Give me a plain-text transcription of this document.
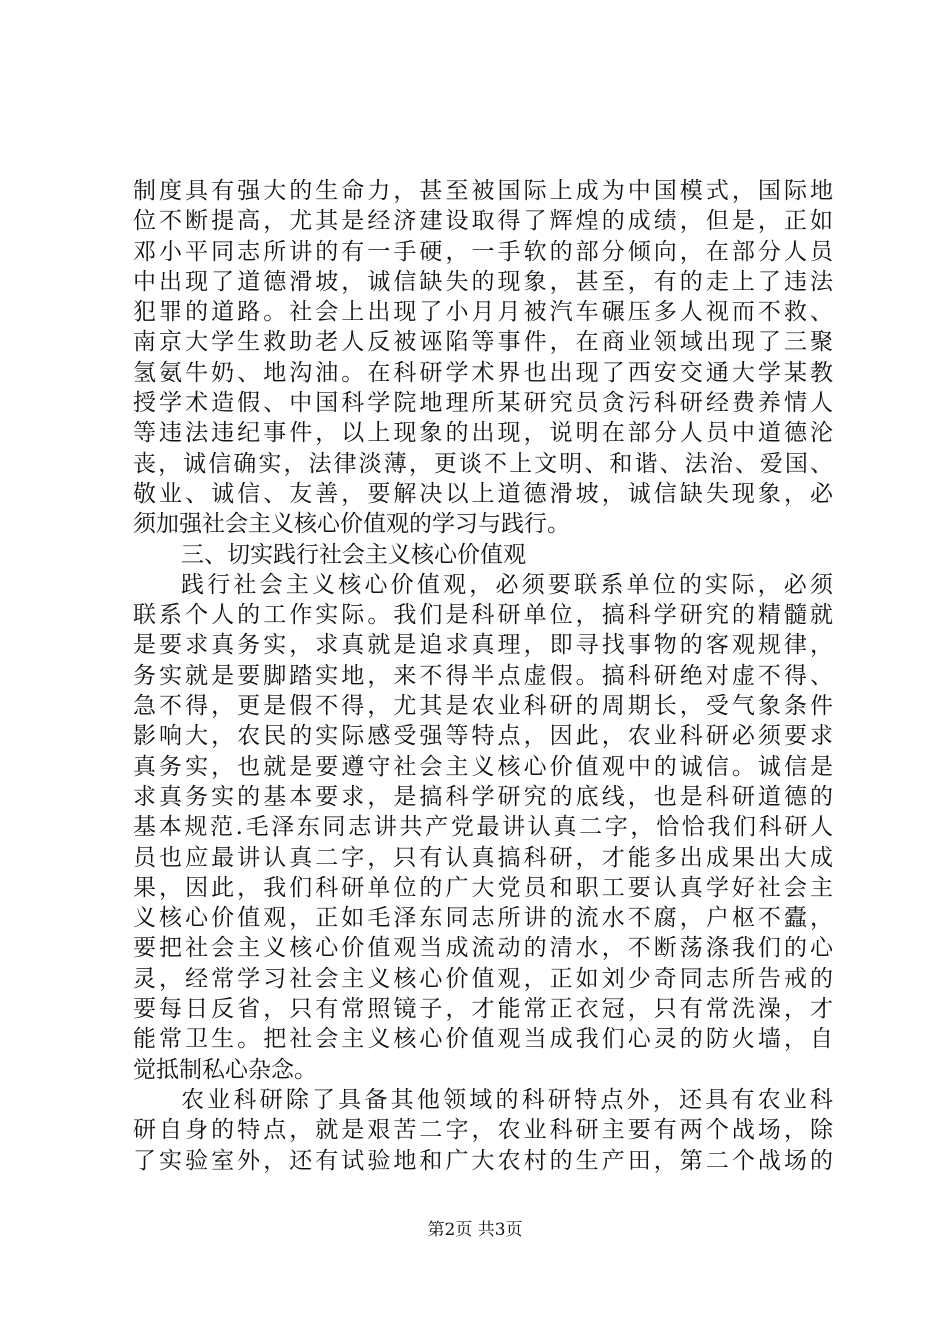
制度具有强大的生命力，甚至被国际上成为中国模式，国际地
位不断提高，尤其是经济建设取得了辉煌的成绩，但是，正如
邓小平同志所讲的有一手硬，一手软的部分倾向，在部分人员
中出现了道德滑坡，诚信缺失的现象，甚至，有的走上了违法
犯罪的道路。社会上出现了小月月被汽车碾压多人视而不救、
南京大学生救助老人反被诬陷等事件，在商业领域出现了三聚
氢氨牛奶、地沟油。在科研学术界也出现了西安交通大学某教
授学术造假、中国科学院地理所某研究员贪污科研经费养情人
等违法违纪事件，以上现象的出现，说明在部分人员中道德沦
丧，诚信确实，法律淡薄，更谈不上文明、和谐、法治、爱国、
敬业、诚信、友善，要解决以上道德滑坡，诚信缺失现象，必
须加强社会主义核心价值观的学习与践行。
三、切实践行社会主义核心价值观
践行社会主义核心价值观，必须要联系单位的实际，必须
联系个人的工作实际。我们是科研单位，搞科学研究的精髓就
是要求真务实，求真就是追求真理，即寻找事物的客观规律，
务实就是要脚踏实地，来不得半点虚假。搞科研绝对虚不得、
急不得，更是假不得，尤其是农业科研的周期长，受气象条件
影响大，农民的实际感受强等特点，因此，农业科研必须要求
真务实，也就是要遵守社会主义核心价值观中的诚信。诚信是
求真务实的基本要求，是搞科学研究的底线，也是科研道德的
基本规范.毛泽东同志讲共产党最讲认真二字，恰恰我们科研人
员也应最讲认真二字，只有认真搞科研，才能多出成果出大成
果，因此，我们科研单位的广大党员和职工要认真学好社会主
义核心价值观，正如毛泽东同志所讲的流水不腐，户枢不蠹，
要把社会主义核心价值观当成流动的清水，不断荡涤我们的心
灵，经常学习社会主义核心价值观，正如刘少奇同志所告戒的
要每日反省，只有常照镜子，才能常正衣冠，只有常洗澡，才
能常卫生。把社会主义核心价值观当成我们心灵的防火墙，自
觉抵制私心杂念。
农业科研除了具备其他领域的科研特点外，还具有农业科
研自身的特点，就是艰苦二字，农业科研主要有两个战场，除
了实验室外，还有试验地和广大农村的生产田，第二个战场的
第2页 共3页
